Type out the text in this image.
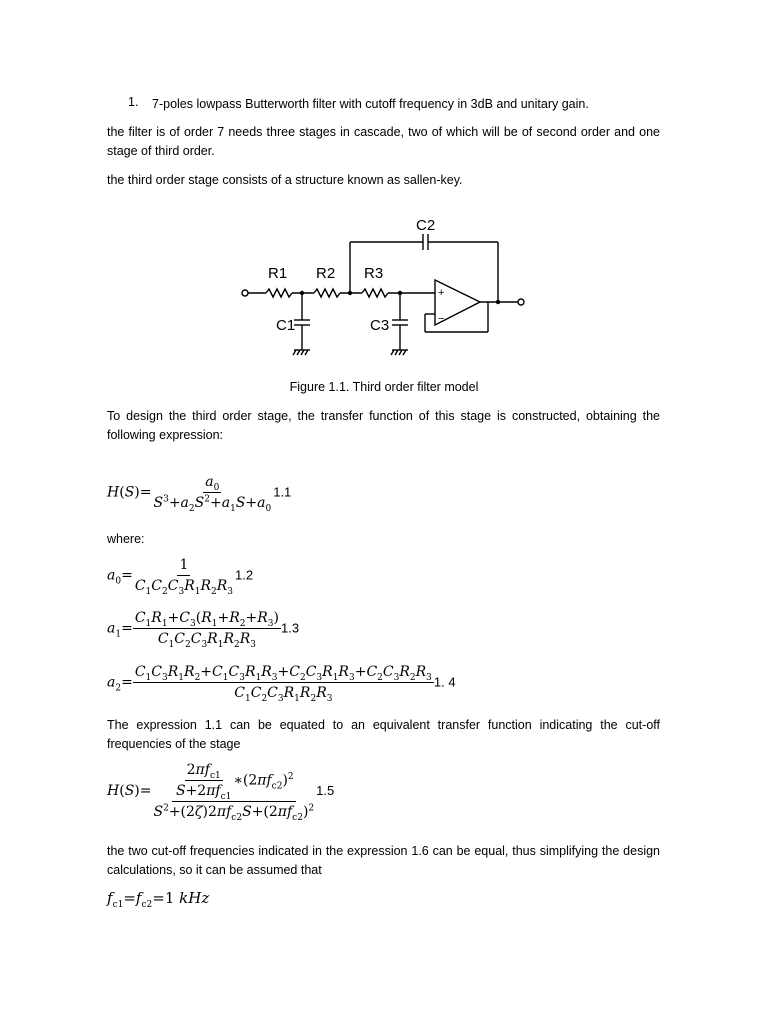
1. 7-poles lowpass Butterworth filter with cutoff frequency in 3dB and unitary gain.
the filter is of order 7 needs three stages in cascade, two of which will be of second order and one stage of third order.
the third order stage consists of a structure known as sallen-key.
R1 R2 R3
C1
C2
C3
+
−
Figure 1.1. Third order filter model
To design the third order stage, the transfer function of this stage is constructed, obtaining the following expression:
$H(S)= \frac{a_0}{S^3+a_2S^2+a_1S+a_0} 1.1$
where:
$a_0= \frac{1}{C_1C_2C_3R_1R_2R_3} 1.2$
$a_1= \frac{C_1R_1+C_3(R_1+R_2+R_3)}{C_1C_2C_3R_1R_2R_3} 1.3$
$a_2= \frac{C_1C_3R_1R_2+C_1C_3R_1R_3+C_2C_3R_1R_3+C_2C_3R_2R_3}{C_1C_2C_3R_1R_2R_3} 1$. 4
The expression 1.1 can be equated to an equivalent transfer function indicating the cut-off frequencies of the stage
$H(S)= \frac{\frac{2\pi f_{c1}}{S+2\pi f_{c1}} ∗(2\pi f_{c2})^2}{S^2+(2\zeta)2\pi f_{c2}S+(2\pi f_{c2})^2} 1.5$
the two cut-off frequencies indicated in the expression 1.6 can be equal, thus simplifying the design calculations, so it can be assumed that
$f_{c1}=f_{c2}=1$ kHz
